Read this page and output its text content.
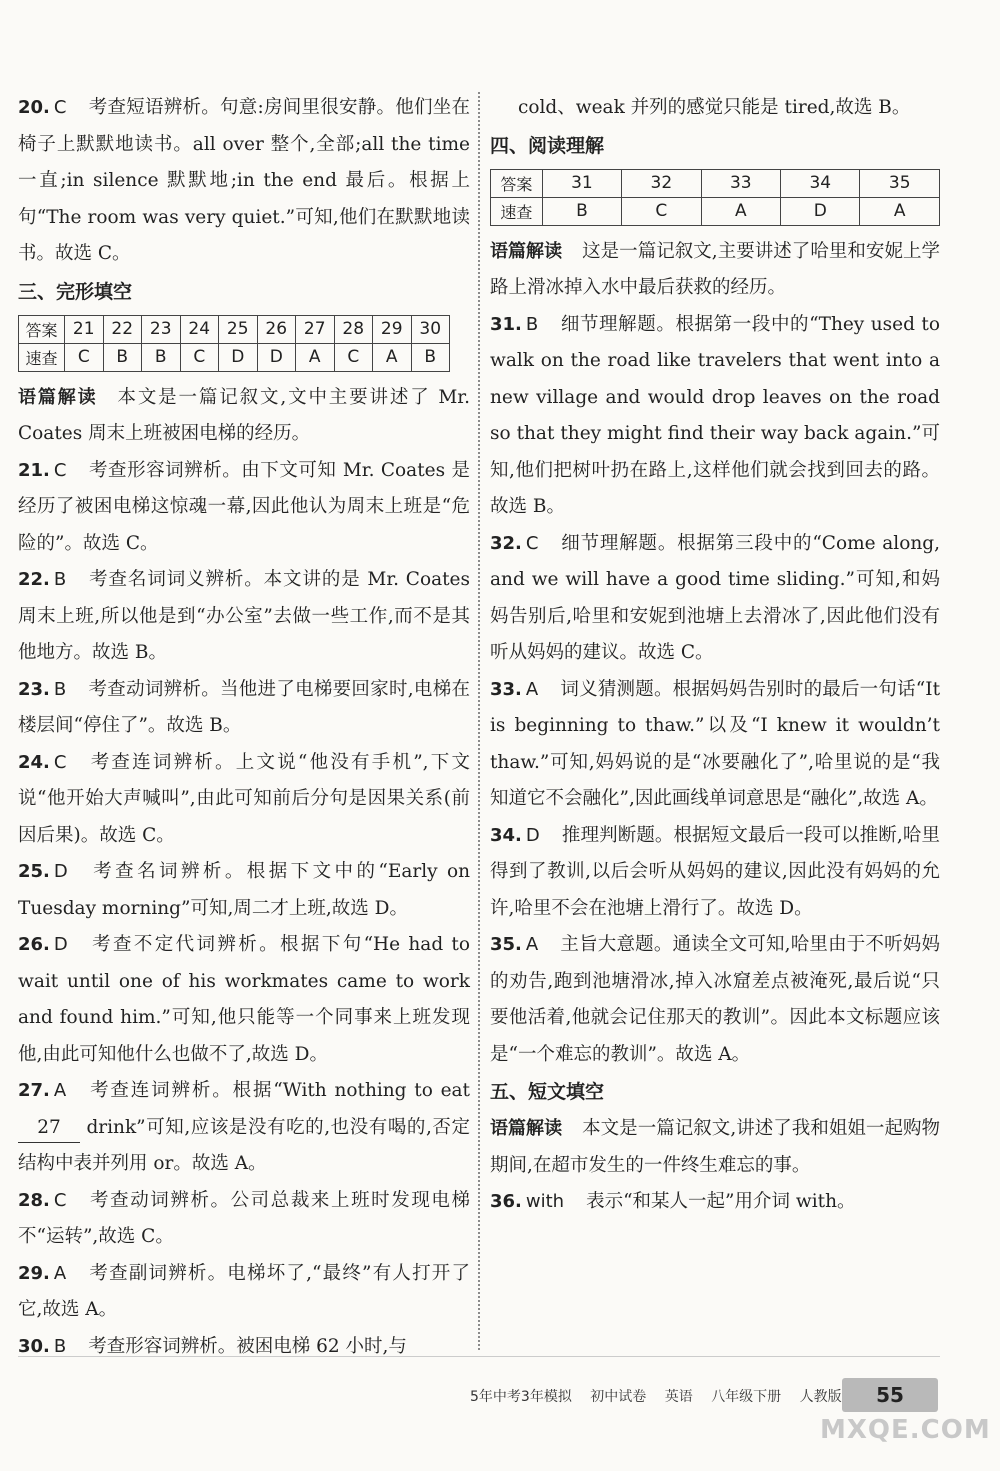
20. C 考查短语辨析。句意:房间里很安静。他们坐在椅子上默默地读书。all over 整个,全部;all the time 一直;in silence 默默地;in the end 最后。根据上句“The room was very quiet.”可知,他们在默默地读书。故选 C。
三、完形填空
答案	21	22	23	24	25	26	27	28	29	30
速查	C	B	B	C	D	D	A	C	A	B
语篇解读 本文是一篇记叙文,文中主要讲述了 Mr. Coates 周末上班被困电梯的经历。
21. C 考查形容词辨析。由下文可知 Mr. Coates 是经历了被困电梯这惊魂一幕,因此他认为周末上班是“危险的”。故选 C。
22. B 考查名词词义辨析。本文讲的是 Mr. Coates 周末上班,所以他是到“办公室”去做一些工作,而不是其他地方。故选 B。
23. B 考查动词辨析。当他进了电梯要回家时,电梯在楼层间“停住了”。故选 B。
24. C 考查连词辨析。上文说“他没有手机”,下文说“他开始大声喊叫”,由此可知前后分句是因果关系(前因后果)。故选 C。
25. D 考查名词辨析。根据下文中的“Early on Tuesday morning”可知,周二才上班,故选 D。
26. D 考查不定代词辨析。根据下句“He had to wait until one of his workmates came to work and found him.”可知,他只能等一个同事来上班发现他,由此可知他什么也做不了,故选 D。
27. A 考查连词辨析。根据“With nothing to eat 27 drink”可知,应该是没有吃的,也没有喝的,否定结构中表并列用 or。故选 A。
28. C 考查动词辨析。公司总裁来上班时发现电梯不“运转”,故选 C。
29. A 考查副词辨析。电梯坏了,“最终”有人打开了它,故选 A。
30. B 考查形容词辨析。被困电梯 62 小时,与
cold、weak 并列的感觉只能是 tired,故选 B。
四、阅读理解
答案	31	32	33	34	35
速查	B	C	A	D	A
语篇解读 这是一篇记叙文,主要讲述了哈里和安妮上学路上滑冰掉入水中最后获救的经历。
31. B 细节理解题。根据第一段中的“They used to walk on the road like travelers that went into a new village and would drop leaves on the road so that they might find their way back again.”可知,他们把树叶扔在路上,这样他们就会找到回去的路。故选 B。
32. C 细节理解题。根据第三段中的“Come along, and we will have a good time sliding.”可知,和妈妈告别后,哈里和安妮到池塘上去滑冰了,因此他们没有听从妈妈的建议。故选 C。
33. A 词义猜测题。根据妈妈告别时的最后一句话“It is beginning to thaw.”以及“I knew it wouldn’t thaw.”可知,妈妈说的是“冰要融化了”,哈里说的是“我知道它不会融化”,因此画线单词意思是“融化”,故选 A。
34. D 推理判断题。根据短文最后一段可以推断,哈里得到了教训,以后会听从妈妈的建议,因此没有妈妈的允许,哈里不会在池塘上滑行了。故选 D。
35. A 主旨大意题。通读全文可知,哈里由于不听妈妈的劝告,跑到池塘滑冰,掉入冰窟差点被淹死,最后说“只要他活着,他就会记住那天的教训”。因此本文标题应该是“一个难忘的教训”。故选 A。
五、短文填空
语篇解读 本文是一篇记叙文,讲述了我和姐姐一起购物期间,在超市发生的一件终生难忘的事。
36. with 表示“和某人一起”用介词 with。
5年中考3年模拟 初中试卷 英语 八年级下册 人教版	55
MXQE.COM
